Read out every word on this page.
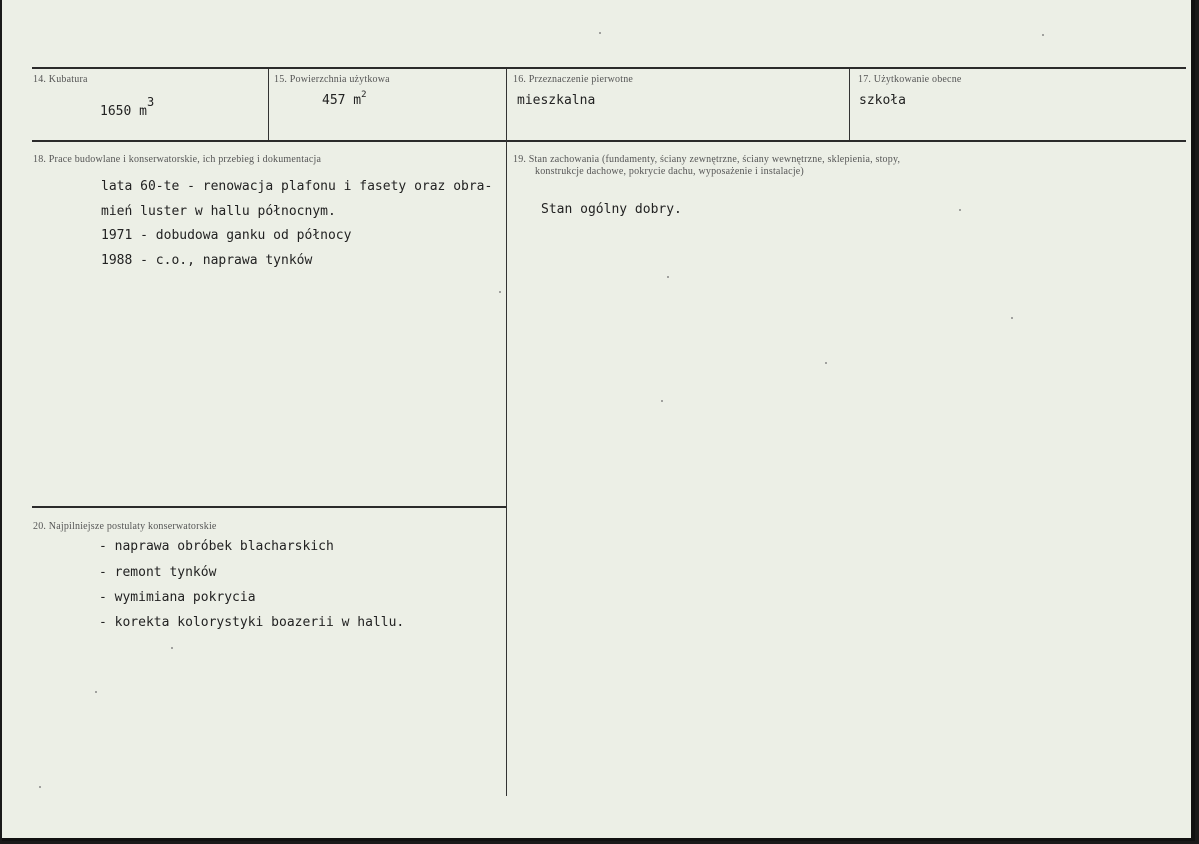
14. Kubatura
1650 m3
15. Powierzchnia użytkowa
457 $m^2$
16. Przeznaczenie pierwotne
mieszkalna
17. Użytkowanie obecne
szkoła
18. Prace budowlane i konserwatorskie, ich przebieg i dokumentacja
lata 60-te - renowacja plafonu i fasety oraz obra-
mień luster w hallu północnym.
1971 - dobudowa ganku od północy
1988 - c.o., naprawa tynków
19. Stan zachowania (fundamenty, ściany zewnętrzne, ściany wewnętrzne, sklepienia, stopy,
konstrukcje dachowe, pokrycie dachu, wyposażenie i instalacje)
Stan ogólny dobry.
20. Najpilniejsze postulaty konserwatorskie
- naprawa obróbek blacharskich
- remont tynków
- wymimiana pokrycia
- korekta kolorystyki boazerii w hallu.
